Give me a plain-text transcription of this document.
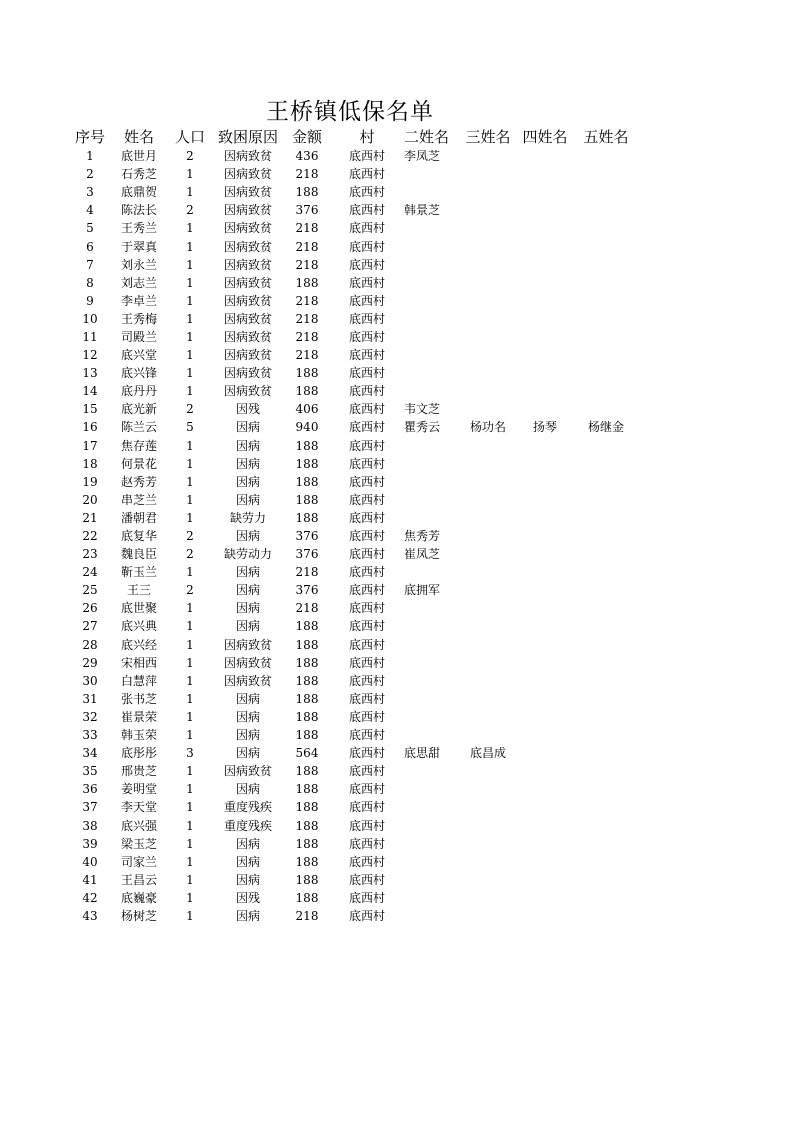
王桥镇低保名单
序号	姓名	人口	致困原因	金额	村	二姓名	三姓名	四姓名	五姓名
1	底世月	2	因病致贫	436	底西村	李凤芝			
2	石秀芝	1	因病致贫	218	底西村				
3	底鼎贺	1	因病致贫	188	底西村				
4	陈法长	2	因病致贫	376	底西村	韩景芝			
5	王秀兰	1	因病致贫	218	底西村				
6	于翠真	1	因病致贫	218	底西村				
7	刘永兰	1	因病致贫	218	底西村				
8	刘志兰	1	因病致贫	188	底西村				
9	李卓兰	1	因病致贫	218	底西村				
10	王秀梅	1	因病致贫	218	底西村				
11	司殿兰	1	因病致贫	218	底西村				
12	底兴堂	1	因病致贫	218	底西村				
13	底兴锋	1	因病致贫	188	底西村				
14	底丹丹	1	因病致贫	188	底西村				
15	底光新	2	因残	406	底西村	韦文芝			
16	陈兰云	5	因病	940	底西村	瞿秀云	杨功名	扬琴	杨继金
17	焦存莲	1	因病	188	底西村				
18	何景花	1	因病	188	底西村				
19	赵秀芳	1	因病	188	底西村				
20	串芝兰	1	因病	188	底西村				
21	潘朝君	1	缺劳力	188	底西村				
22	底复华	2	因病	376	底西村	焦秀芳			
23	魏良臣	2	缺劳动力	376	底西村	崔凤芝			
24	靳玉兰	1	因病	218	底西村				
25	王三	2	因病	376	底西村	底拥军			
26	底世聚	1	因病	218	底西村				
27	底兴典	1	因病	188	底西村				
28	底兴经	1	因病致贫	188	底西村				
29	宋相西	1	因病致贫	188	底西村				
30	白慧萍	1	因病致贫	188	底西村				
31	张书芝	1	因病	188	底西村				
32	崔景荣	1	因病	188	底西村				
33	韩玉荣	1	因病	188	底西村				
34	底彤彤	3	因病	564	底西村	底思甜	底昌成		
35	邢贵芝	1	因病致贫	188	底西村				
36	姜明堂	1	因病	188	底西村				
37	李天堂	1	重度残疾	188	底西村				
38	底兴强	1	重度残疾	188	底西村				
39	梁玉芝	1	因病	188	底西村				
40	司家兰	1	因病	188	底西村				
41	王昌云	1	因病	188	底西村				
42	底巍豪	1	因残	188	底西村				
43	杨树芝	1	因病	218	底西村				
